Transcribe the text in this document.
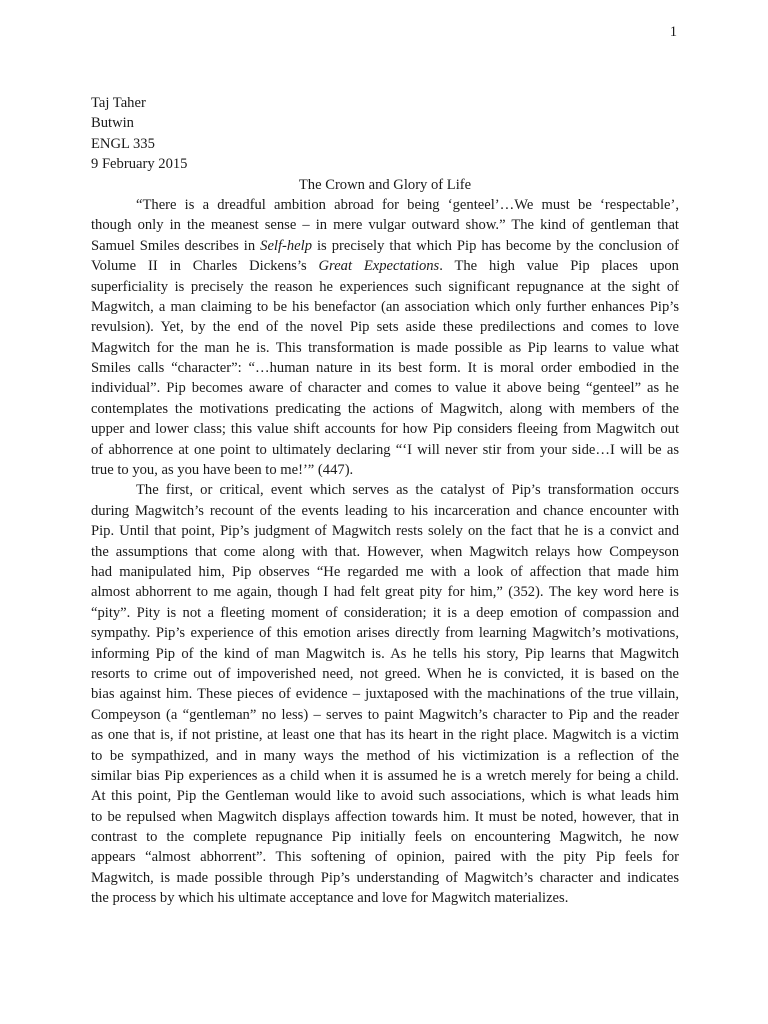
1
Taj Taher
Butwin
ENGL 335
9 February 2015
The Crown and Glory of Life
“There is a dreadful ambition abroad for being ‘genteel’…We must be ‘respectable’,
though only in the meanest sense – in mere vulgar outward show.” The kind of gentleman that
Samuel Smiles describes in Self-help is precisely that which Pip has become by the conclusion of
Volume II in Charles Dickens’s Great Expectations. The high value Pip places upon
superficiality is precisely the reason he experiences such significant repugnance at the sight of
Magwitch, a man claiming to be his benefactor (an association which only further enhances Pip’s
revulsion). Yet, by the end of the novel Pip sets aside these predilections and comes to love
Magwitch for the man he is. This transformation is made possible as Pip learns to value what
Smiles calls “character”: “…human nature in its best form. It is moral order embodied in the
individual”. Pip becomes aware of character and comes to value it above being “genteel” as he
contemplates the motivations predicating the actions of Magwitch, along with members of the
upper and lower class; this value shift accounts for how Pip considers fleeing from Magwitch out
of abhorrence at one point to ultimately declaring “‘I will never stir from your side…I will be as
true to you, as you have been to me!’” (447).
The first, or critical, event which serves as the catalyst of Pip’s transformation occurs
during Magwitch’s recount of the events leading to his incarceration and chance encounter with
Pip. Until that point, Pip’s judgment of Magwitch rests solely on the fact that he is a convict and
the assumptions that come along with that. However, when Magwitch relays how Compeyson
had manipulated him, Pip observes “He regarded me with a look of affection that made him
almost abhorrent to me again, though I had felt great pity for him,” (352). The key word here is
“pity”. Pity is not a fleeting moment of consideration; it is a deep emotion of compassion and
sympathy. Pip’s experience of this emotion arises directly from learning Magwitch’s motivations,
informing Pip of the kind of man Magwitch is. As he tells his story, Pip learns that Magwitch
resorts to crime out of impoverished need, not greed. When he is convicted, it is based on the
bias against him. These pieces of evidence – juxtaposed with the machinations of the true villain,
Compeyson (a “gentleman” no less) – serves to paint Magwitch’s character to Pip and the reader
as one that is, if not pristine, at least one that has its heart in the right place. Magwitch is a victim
to be sympathized, and in many ways the method of his victimization is a reflection of the
similar bias Pip experiences as a child when it is assumed he is a wretch merely for being a child.
At this point, Pip the Gentleman would like to avoid such associations, which is what leads him
to be repulsed when Magwitch displays affection towards him. It must be noted, however, that in
contrast to the complete repugnance Pip initially feels on encountering Magwitch, he now
appears “almost abhorrent”. This softening of opinion, paired with the pity Pip feels for
Magwitch, is made possible through Pip’s understanding of Magwitch’s character and indicates
the process by which his ultimate acceptance and love for Magwitch materializes.
